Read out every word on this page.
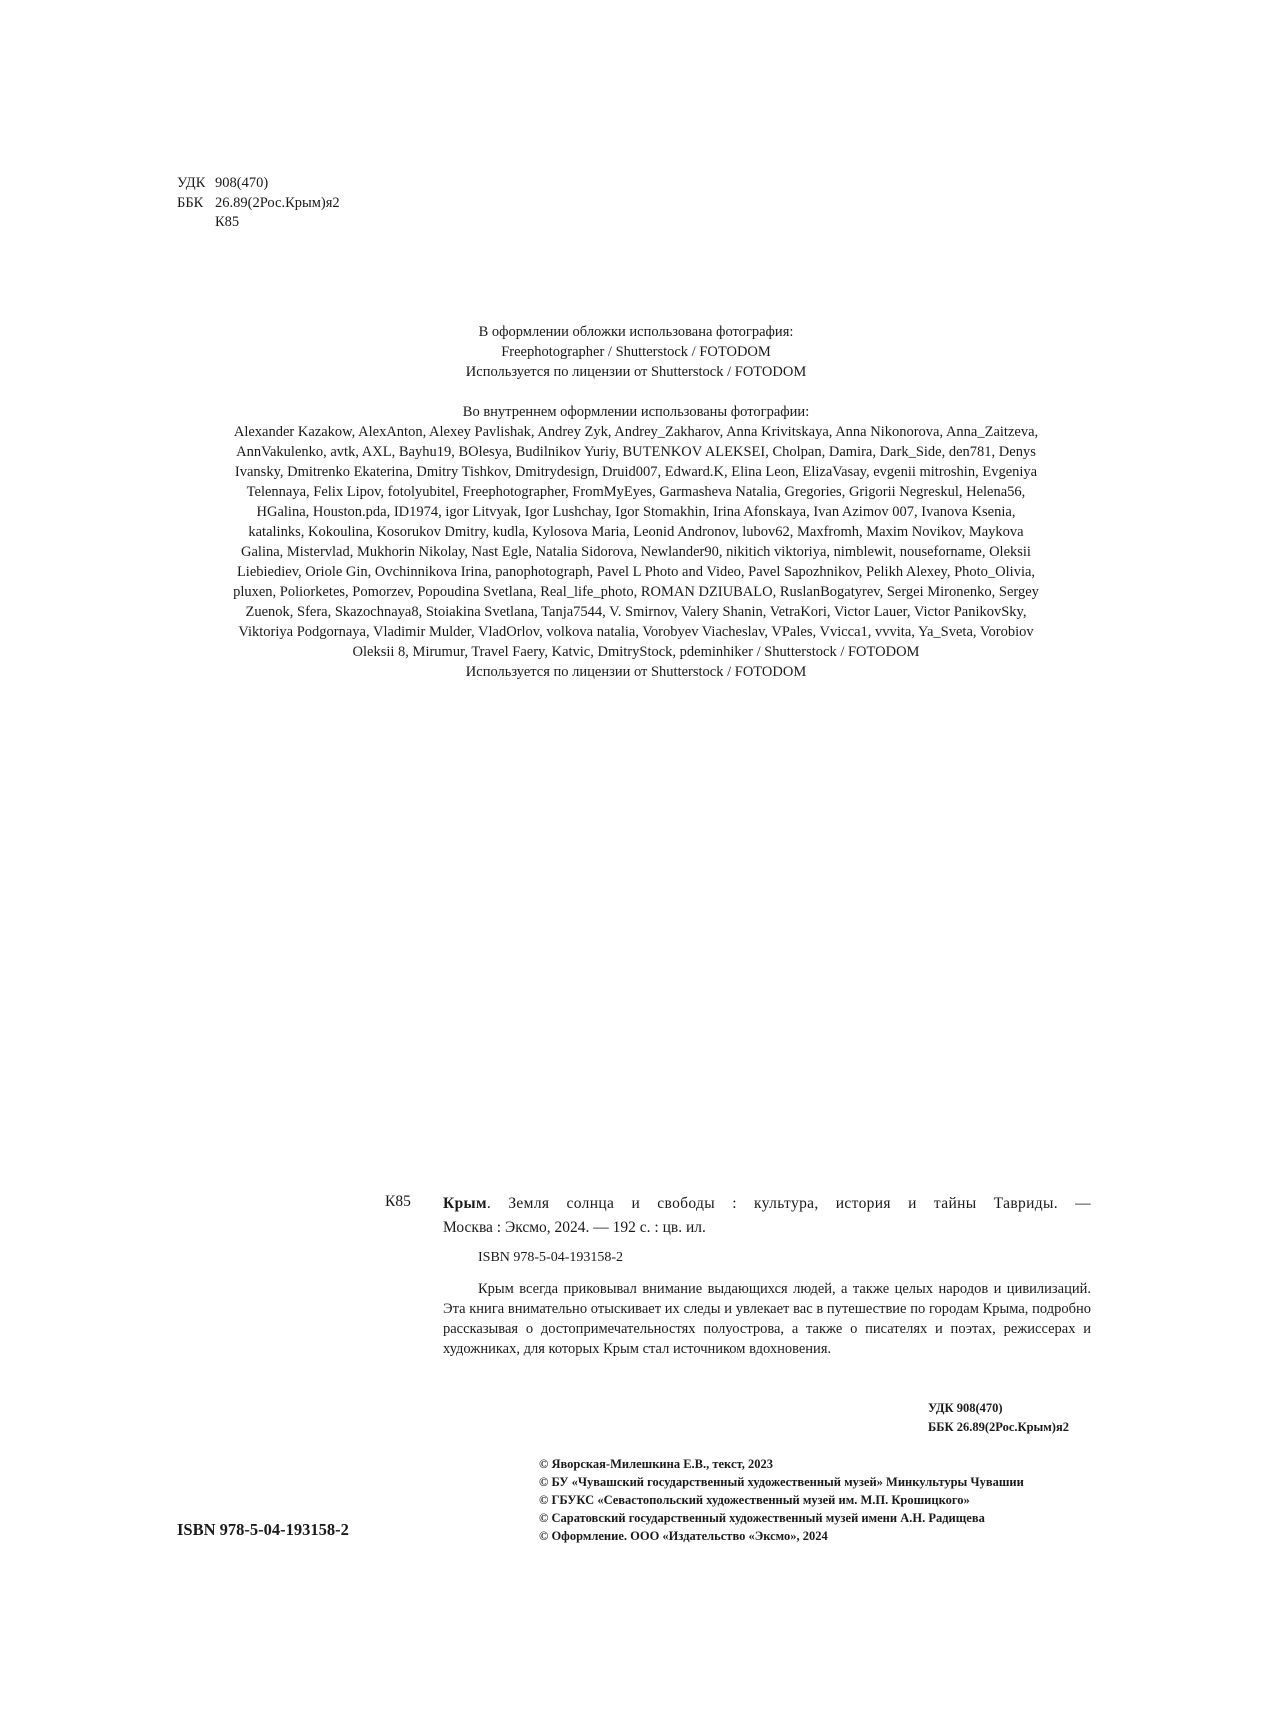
УДК 908(470)
ББК 26.89(2Рос.Крым)я2
К85
В оформлении обложки использована фотография:
Freephotographer / Shutterstock / FOTODOM
Используется по лицензии от Shutterstock / FOTODOM
Во внутреннем оформлении использованы фотографии:
Alexander Kazakow, AlexAnton, Alexey Pavlishak, Andrey Zyk, Andrey_Zakharov, Anna Krivitskaya, Anna Nikonorova, Anna_Zaitzeva,
AnnVakulenko, avtk, AXL, Bayhu19, BOlesya, Budilnikov Yuriy, BUTENKOV ALEKSEI, Cholpan, Damira, Dark_Side, den781, Denys
Ivansky, Dmitrenko Ekaterina, Dmitry Tishkov, Dmitrydesign, Druid007, Edward.K, Elina Leon, ElizaVasay, evgenii mitroshin, Evgeniya
Telennaya, Felix Lipov, fotolyubitel, Freephotographer, FromMyEyes, Garmasheva Natalia, Gregories, Grigorii Negreskul, Helena56,
HGalina, Houston.pda, ID1974, igor Litvyak, Igor Lushchay, Igor Stomakhin, Irina Afonskaya, Ivan Azimov 007, Ivanova Ksenia,
katalinks, Kokoulina, Kosorukov Dmitry, kudla, Kylosova Maria, Leonid Andronov, lubov62, Maxfromh, Maxim Novikov, Maykova
Galina, Mistervlad, Mukhorin Nikolay, Nast Egle, Natalia Sidorova, Newlander90, nikitich viktoriya, nimblewit, nouseforname, Oleksii
Liebiediev, Oriole Gin, Ovchinnikova Irina, panophotograph, Pavel L Photo and Video, Pavel Sapozhnikov, Pelikh Alexey, Photo_Olivia,
pluxen, Poliorketes, Pomorzev, Popoudina Svetlana, Real_life_photo, ROMAN DZIUBALO, RuslanBogatyrev, Sergei Mironenko, Sergey
Zuenok, Sfera, Skazochnaya8, Stoiakina Svetlana, Tanja7544, V. Smirnov, Valery Shanin, VetraKori, Victor Lauer, Victor PanikovSky,
Viktoriya Podgornaya, Vladimir Mulder, VladOrlov, volkova natalia, Vorobyev Viacheslav, VPales, Vvicca1, vvvita, Ya_Sveta, Vorobiov
Oleksii 8, Mirumur, Travel Faery, Katvic, DmitryStock, pdeminhiker / Shutterstock / FOTODOM
Используется по лицензии от Shutterstock / FOTODOM
К85 Крым. Земля солнца и свободы : культура, история и тайны Тавриды. —
Москва : Эксмо, 2024. — 192 с. : цв. ил.
ISBN 978-5-04-193158-2

Крым всегда приковывал внимание выдающихся людей, а также целых народов и цивилизаций. Эта книга внимательно отыскивает их следы и увлекает вас в путешествие по городам Крыма, подробно рассказывая о достопримечательностях полуострова, а также о писателях и поэтах, режиссерах и художниках, для которых Крым стал источником вдохновения.

УДК 908(470)
ББК 26.89(2Рос.Крым)я2
© Яворская-Милешкина Е.В., текст, 2023
© БУ «Чувашский государственный художественный музей» Минкультуры Чувашии
© ГБУКС «Севастопольский художественный музей им. М.П. Крошицкого»
© Саратовский государственный художественный музей имени А.Н. Радищева
© Оформление. ООО «Издательство «Эксмо», 2024
ISBN 978-5-04-193158-2
